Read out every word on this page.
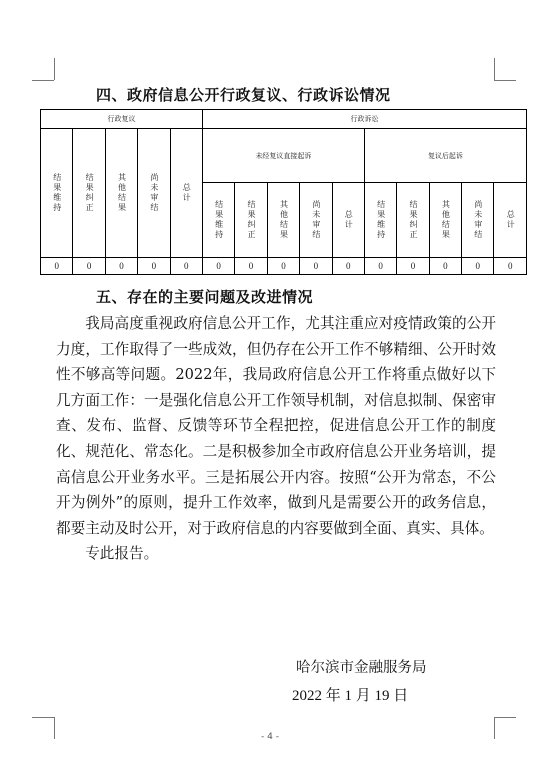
四、政府信息公开行政复议、行政诉讼情况
行政复议					行政诉讼									

结果维持	结果纠正	其他结果	尚未审结	总计	未经复议直接起诉					复议后起诉				

					结果维持	结果纠正	其他结果	尚未审结	总计	结果维持	结果纠正	其他结果	尚未审结	总计

0	0	0	0	0	0	0	0	0	0	0	0	0	0	0
五、存在的主要问题及改进情况

我局高度重视政府信息公开工作，尤其注重应对疫情政策的公开力度，工作取得了一些成效，但仍存在公开工作不够精细、公开时效性不够高等问题。2022年，我局政府信息公开工作将重点做好以下几方面工作：一是强化信息公开工作领导机制，对信息拟制、保密审查、发布、监督、反馈等环节全程把控，促进信息公开工作的制度化、规范化、常态化。二是积极参加全市政府信息公开业务培训，提高信息公开业务水平。三是拓展公开内容。按照“公开为常态，不公开为例外”的原则，提升工作效率，做到凡是需要公开的政务信息，都要主动及时公开，对于政府信息的内容要做到全面、真实、具体。

专此报告。

哈尔滨市金融服务局
2022 年 1 月 19 日
- 4 -
